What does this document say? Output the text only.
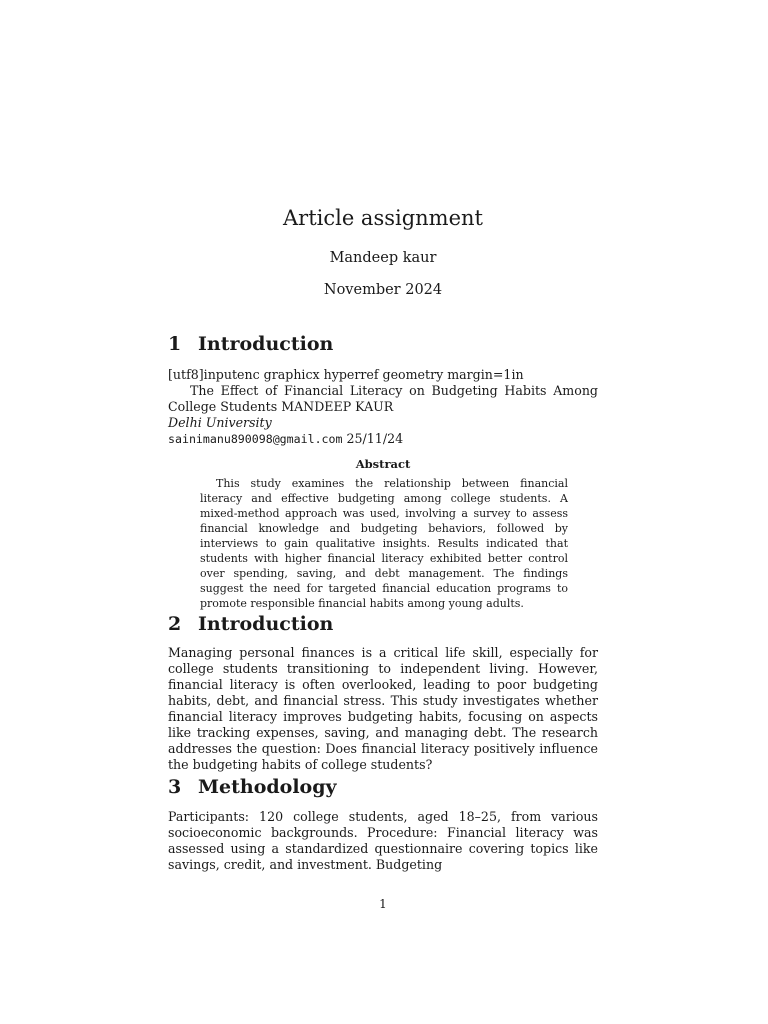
Article assignment
Mandeep kaur
November 2024
1 Introduction

[utf8]inputenc graphicx hyperref geometry margin=1in

The Effect of Financial Literacy on Budgeting Habits Among College Students MANDEEP KAUR

Delhi University

sainimanu890098@gmail.com 25/11/24

Abstract
This study examines the relationship between financial literacy and effective budgeting among college students. A mixed-method approach was used, involving a survey to assess financial knowledge and budgeting behaviors, followed by interviews to gain qualitative insights. Results indicated that students with higher financial literacy exhibited better control over spending, saving, and debt management. The findings suggest the need for targeted financial education programs to promote responsible financial habits among young adults.
2 Introduction
Managing personal finances is a critical life skill, especially for college students transitioning to independent living. However, financial literacy is often overlooked, leading to poor budgeting habits, debt, and financial stress. This study investigates whether financial literacy improves budgeting habits, focusing on aspects like tracking expenses, saving, and managing debt. The research addresses the question: Does financial literacy positively influence the budgeting habits of college students?
3 Methodology
Participants: 120 college students, aged 18–25, from various socioeconomic backgrounds. Procedure: Financial literacy was assessed using a standardized questionnaire covering topics like savings, credit, and investment. Budgeting
1
